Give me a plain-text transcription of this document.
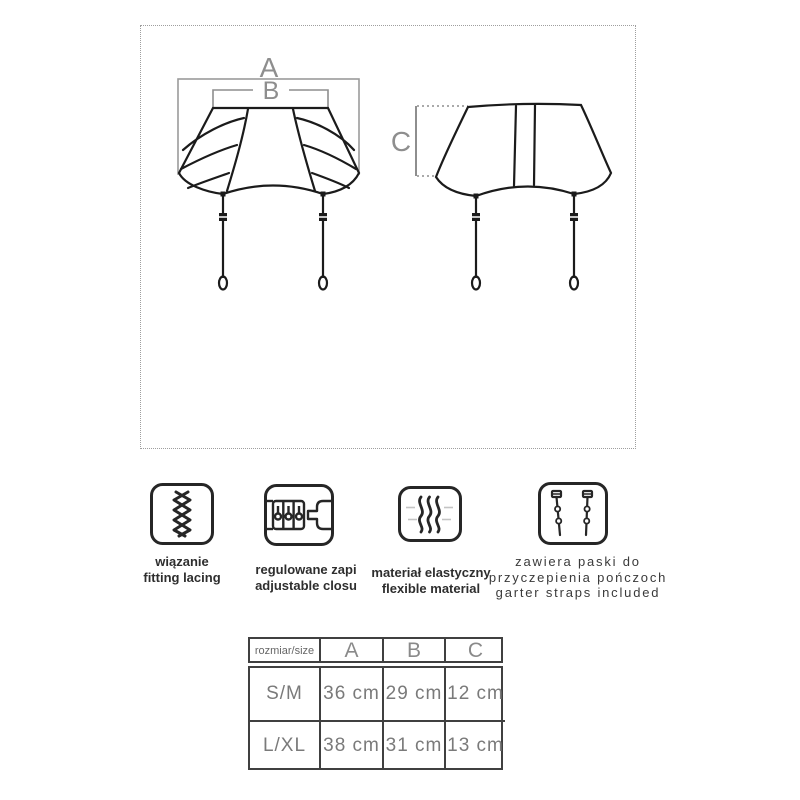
A
B
C
wiązanie
fitting lacing	regulowane zapi
adjustable closu
materiał elastyczny
flexible material
zawiera paski do
przyczepienia pończoch
garter straps included
rozmiar/size	A	B	C
S/M	36 cm 29 cm 12 cm
L/XL 38 cm 31 cm 13 cm
